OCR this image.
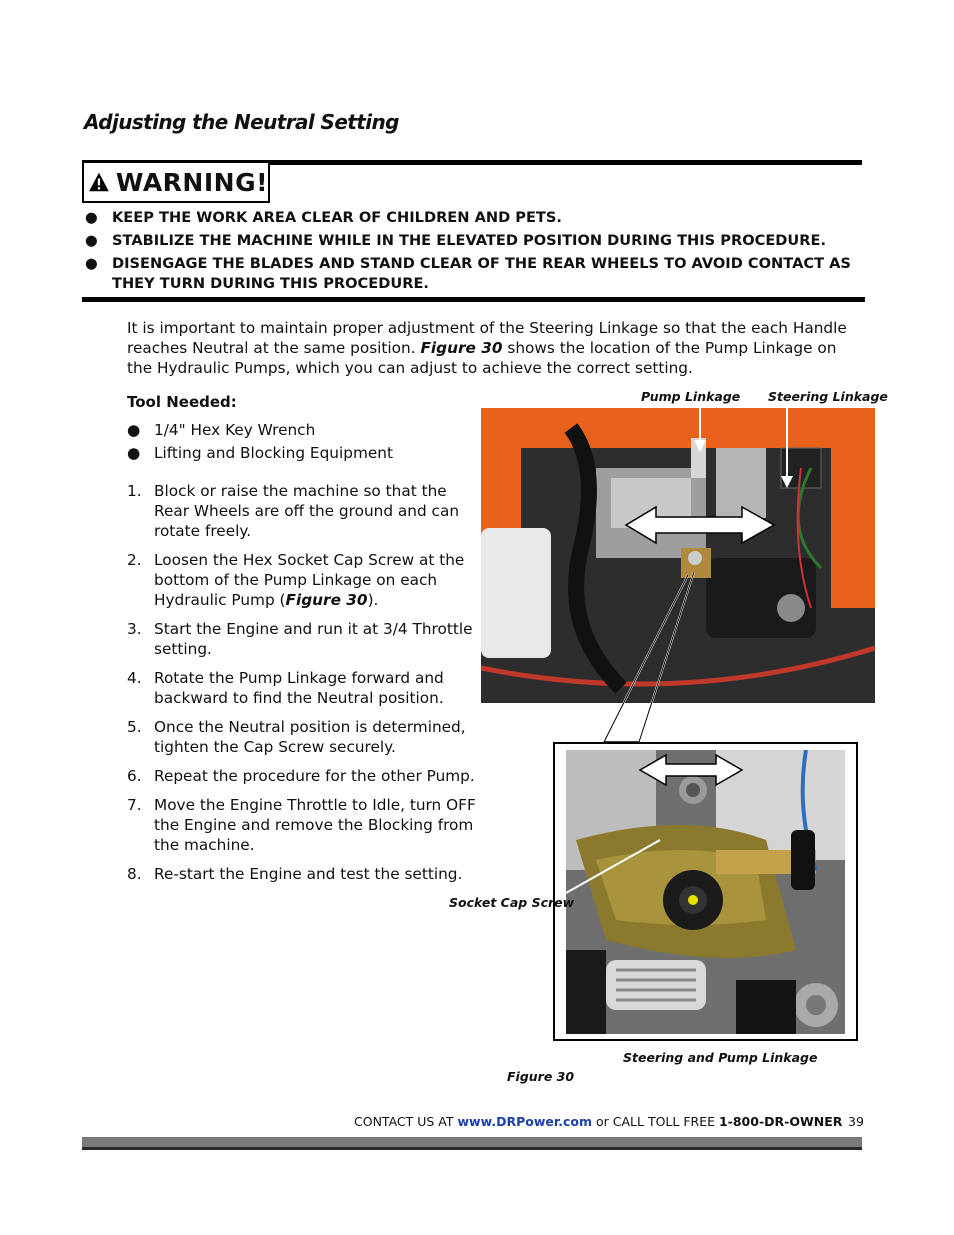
Adjusting the Neutral Setting
WARNING!
● KEEP THE WORK AREA CLEAR OF CHILDREN AND PETS.
● STABILIZE THE MACHINE WHILE IN THE ELEVATED POSITION DURING THIS PROCEDURE.
● DISENGAGE THE BLADES AND STAND CLEAR OF THE REAR WHEELS TO AVOID CONTACT AS THEY TURN DURING THIS PROCEDURE.
It is important to maintain proper adjustment of the Steering Linkage so that the each Handle reaches Neutral at the same position. Figure 30 shows the location of the Pump Linkage on the Hydraulic Pumps, which you can adjust to achieve the correct setting.
Tool Needed:
● 1/4" Hex Key Wrench
● Lifting and Blocking Equipment
1. Block or raise the machine so that the Rear Wheels are off the ground and can rotate freely.
2. Loosen the Hex Socket Cap Screw at the bottom of the Pump Linkage on each Hydraulic Pump (Figure 30).
3. Start the Engine and run it at 3/4 Throttle setting.
4. Rotate the Pump Linkage forward and backward to find the Neutral position.
5. Once the Neutral position is determined, tighten the Cap Screw securely.
6. Repeat the procedure for the other Pump.
7. Move the Engine Throttle to Idle, turn OFF the Engine and remove the Blocking from the machine.
8. Re-start the Engine and test the setting.
Pump Linkage Steering Linkage
Socket Cap Screw
Steering and Pump Linkage
Figure 30
CONTACT US AT www.DRPower.com or CALL TOLL FREE 1-800-DR-OWNER 39
